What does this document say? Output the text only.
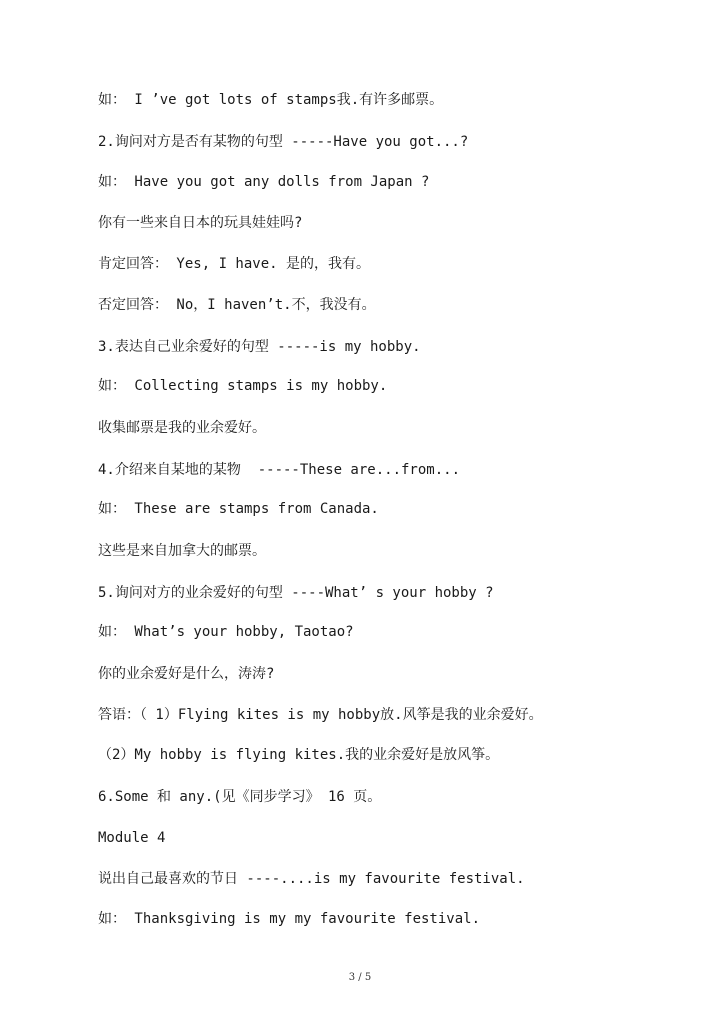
如： I ’ve got lots of stamps我.有许多邮票。
2.询问对方是否有某物的句型 -----Have you got...?
如： Have you got any dolls from Japan ?
你有一些来自日本的玩具娃娃吗?
肯定回答： Yes, I have. 是的，我有。
否定回答： No，I haven’t.不，我没有。
3.表达自己业余爱好的句型 -----is my hobby.
如： Collecting stamps is my hobby.
收集邮票是我的业余爱好。
4.介绍来自某地的某物  -----These are...from...
如： These are stamps from Canada.
这些是来自加拿大的邮票。
5.询问对方的业余爱好的句型 ----What’ s your hobby ?
如： What’s your hobby, Taotao?
你的业余爱好是什么，涛涛?
答语：（ 1）Flying kites is my hobby放.风筝是我的业余爱好。
（2）My hobby is flying kites.我的业余爱好是放风筝。
6.Some 和 any.(见《同步学习》 16 页。
Module 4
说出自己最喜欢的节日 ----....is my favourite festival.
如： Thanksgiving is my my favourite festival.
3 / 5
